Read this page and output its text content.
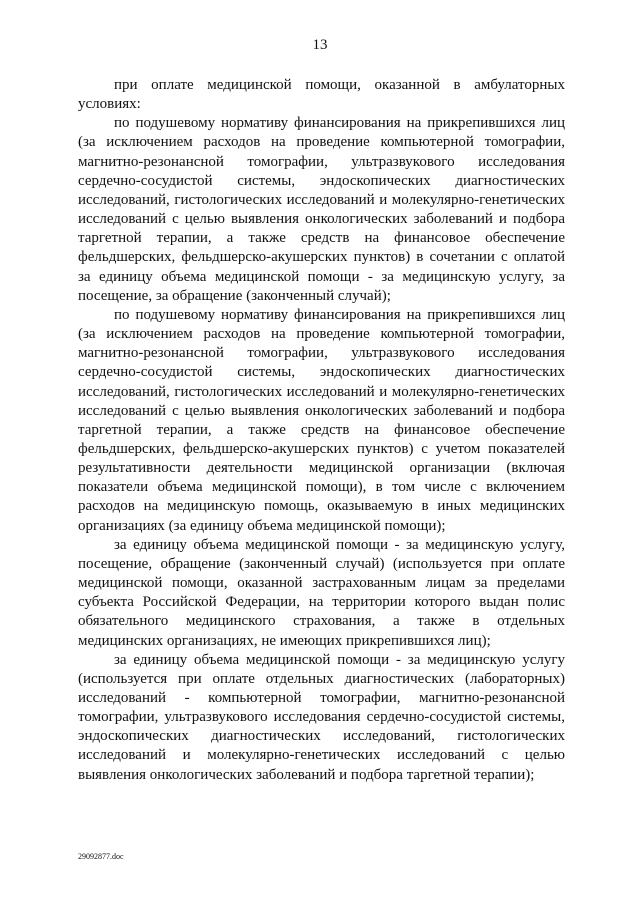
13

при оплате медицинской помощи, оказанной в амбулаторных условиях:

по подушевому нормативу финансирования на прикрепившихся лиц (за исключением расходов на проведение компьютерной томографии, магнитно-резонансной томографии, ультразвукового исследования сердечно-сосудистой системы, эндоскопических диагностических исследований, гистологических исследований и молекулярно-генетических исследований с целью выявления онкологических заболеваний и подбора таргетной терапии, а также средств на финансовое обеспечение фельдшерских, фельдшерско-акушерских пунктов) в сочетании с оплатой за единицу объема медицинской помощи - за медицинскую услугу, за посещение, за обращение (законченный случай);

по подушевому нормативу финансирования на прикрепившихся лиц (за исключением расходов на проведение компьютерной томографии, магнитно-резонансной томографии, ультразвукового исследования сердечно-сосудистой системы, эндоскопических диагностических исследований, гистологических исследований и молекулярно-генетических исследований с целью выявления онкологических заболеваний и подбора таргетной терапии, а также средств на финансовое обеспечение фельдшерских, фельдшерско-акушерских пунктов) с учетом показателей результативности деятельности медицинской организации (включая показатели объема медицинской помощи), в том числе с включением расходов на медицинскую помощь, оказываемую в иных медицинских организациях (за единицу объема медицинской помощи);

за единицу объема медицинской помощи - за медицинскую услугу, посещение, обращение (законченный случай) (используется при оплате медицинской помощи, оказанной застрахованным лицам за пределами субъекта Российской Федерации, на территории которого выдан полис обязательного медицинского страхования, а также в отдельных медицинских организациях, не имеющих прикрепившихся лиц);

за единицу объема медицинской помощи - за медицинскую услугу (используется при оплате отдельных диагностических (лабораторных) исследований - компьютерной томографии, магнитно-резонансной томографии, ультразвукового исследования сердечно-сосудистой системы, эндоскопических диагностических исследований, гистологических исследований и молекулярно-генетических исследований с целью выявления онкологических заболеваний и подбора таргетной терапии);

29092877.doc
